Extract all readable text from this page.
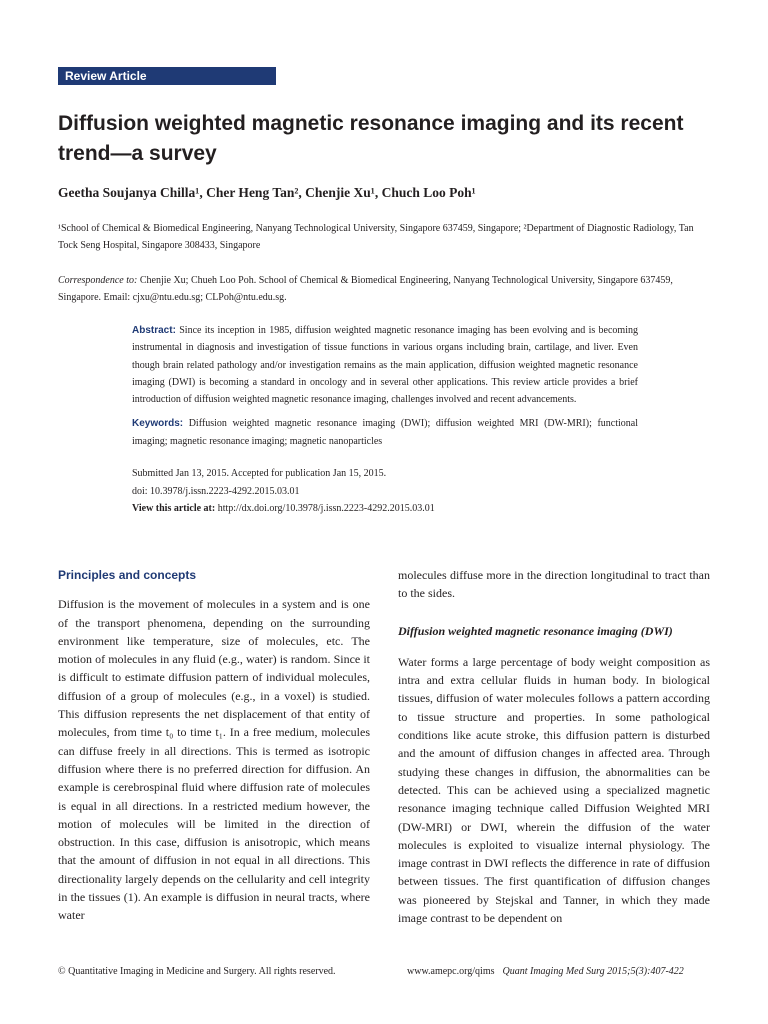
Review Article
Diffusion weighted magnetic resonance imaging and its recent trend—a survey

Geetha Soujanya Chilla¹, Cher Heng Tan², Chenjie Xu¹, Chuch Loo Poh¹

¹School of Chemical & Biomedical Engineering, Nanyang Technological University, Singapore 637459, Singapore; ²Department of Diagnostic Radiology, Tan Tock Seng Hospital, Singapore 308433, Singapore

Correspondence to: Chenjie Xu; Chueh Loo Poh. School of Chemical & Biomedical Engineering, Nanyang Technological University, Singapore 637459, Singapore. Email: cjxu@ntu.edu.sg; CLPoh@ntu.edu.sg.

Abstract: Since its inception in 1985, diffusion weighted magnetic resonance imaging has been evolving and is becoming instrumental in diagnosis and investigation of tissue functions in various organs including brain, cartilage, and liver. Even though brain related pathology and/or investigation remains as the main application, diffusion weighted magnetic resonance imaging (DWI) is becoming a standard in oncology and in several other applications. This review article provides a brief introduction of diffusion weighted magnetic resonance imaging, challenges involved and recent advancements.

Keywords: Diffusion weighted magnetic resonance imaging (DWI); diffusion weighted MRI (DW-MRI); functional imaging; magnetic resonance imaging; magnetic nanoparticles

Submitted Jan 13, 2015. Accepted for publication Jan 15, 2015.
doi: 10.3978/j.issn.2223-4292.2015.03.01
View this article at: http://dx.doi.org/10.3978/j.issn.2223-4292.2015.03.01

Principles and concepts

Diffusion is the movement of molecules in a system and is one of the transport phenomena, depending on the surrounding environment like temperature, size of molecules, etc. The motion of molecules in any fluid (e.g., water) is random. Since it is difficult to estimate diffusion pattern of individual molecules, diffusion of a group of molecules (e.g., in a voxel) is studied. This diffusion represents the net displacement of that entity of molecules, from time t₀ to time t₁. In a free medium, molecules can diffuse freely in all directions. This is termed as isotropic diffusion where there is no preferred direction for diffusion. An example is cerebrospinal fluid where diffusion rate of molecules is equal in all directions. In a restricted medium however, the motion of molecules will be limited in the direction of obstruction. In this case, diffusion is anisotropic, which means that the amount of diffusion in not equal in all directions. This directionality largely depends on the cellularity and cell integrity in the tissues (1). An example is diffusion in neural tracts, where water

molecules diffuse more in the direction longitudinal to tract than to the sides.

Diffusion weighted magnetic resonance imaging (DWI)

Water forms a large percentage of body weight composition as intra and extra cellular fluids in human body. In biological tissues, diffusion of water molecules follows a pattern according to tissue structure and properties. In some pathological conditions like acute stroke, this diffusion pattern is disturbed and the amount of diffusion changes in affected area. Through studying these changes in diffusion, the abnormalities can be detected. This can be achieved using a specialized magnetic resonance imaging technique called Diffusion Weighted MRI (DW-MRI) or DWI, wherein the diffusion of the water molecules is exploited to visualize internal physiology. The image contrast in DWI reflects the difference in rate of diffusion between tissues. The first quantification of diffusion changes was pioneered by Stejskal and Tanner, in which they made image contrast to be dependent on

© Quantitative Imaging in Medicine and Surgery. All rights reserved.	www.amepc.org/qims Quant Imaging Med Surg 2015;5(3):407-422
